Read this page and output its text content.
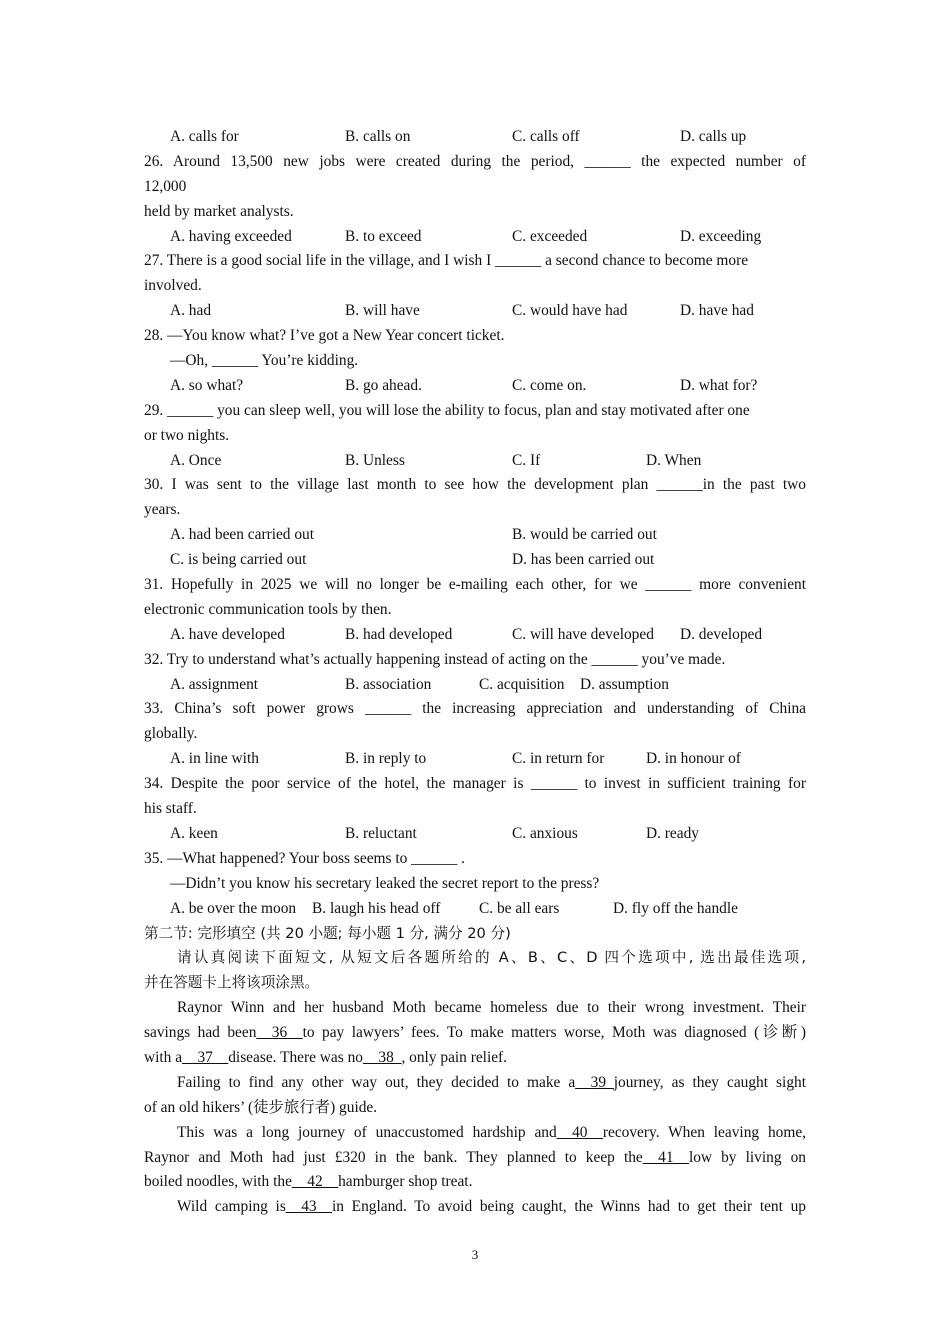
A. calls for	B. calls on	C. calls off	D. calls up
26. Around 13,500 new jobs were created during the period, ______ the expected number of
12,000
held by market analysts.
A. having exceeded	B. to exceed	C. exceeded	D. exceeding
27. There is a good social life in the village, and I wish I ______ a second chance to become more
involved.
A. had	B. will have	C. would have had	D. have had
28. —You know what? I’ve got a New Year concert ticket.
—Oh, ______ You’re kidding.
A. so what?	B. go ahead.	C. come on.	D. what for?
29. ______ you can sleep well, you will lose the ability to focus, plan and stay motivated after one
or two nights.
A. Once	B. Unless	C. If	D. When
30. I was sent to the village last month to see how the development plan ______in the past two
years.
A. had been carried out	B. would be carried out
C. is being carried out	D. has been carried out
31. Hopefully in 2025 we will no longer be e-mailing each other, for we ______ more convenient
electronic communication tools by then.
A. have developed	B. had developed	C. will have developed D. developed
32. Try to understand what’s actually happening instead of acting on the ______ you’ve made.
A. assignment	B. association	C. acquisition D. assumption
33. China’s soft power grows ______ the increasing appreciation and understanding of China
globally.
A. in line with	B. in reply to	C. in return for	D. in honour of
34. Despite the poor service of the hotel, the manager is ______ to invest in sufficient training for
his staff.
A. keen	B. reluctant	C. anxious	D. ready
35. —What happened? Your boss seems to ______ .
—Didn’t you know his secretary leaked the secret report to the press?
A. be over the moon B. laugh his head off	C. be all ears	D. fly off the handle
第二节: 完形填空 (共 20 小题; 每小题 1 分, 满分 20 分)
请认真阅读下面短文, 从短文后各题所给的 A、B、C、D 四个选项中, 选出最佳选项,
并在答题卡上将该项涂黑。
Raynor Winn and her husband Moth became homeless due to their wrong investment. Their
savings had been__36__to pay lawyers’ fees. To make matters worse, Moth was diagnosed (诊断)
with a__37__disease. There was no__38_, only pain relief.
Failing to find any other way out, they decided to make a__39_journey, as they caught sight
of an old hikers’ (徒步旅行者) guide.
This was a long journey of unaccustomed hardship and__40__recovery. When leaving home,
Raynor and Moth had just £320 in the bank. They planned to keep the__41__low by living on
boiled noodles, with the__42__hamburger shop treat.
Wild camping is__43__in England. To avoid being caught, the Winns had to get their tent up
3
